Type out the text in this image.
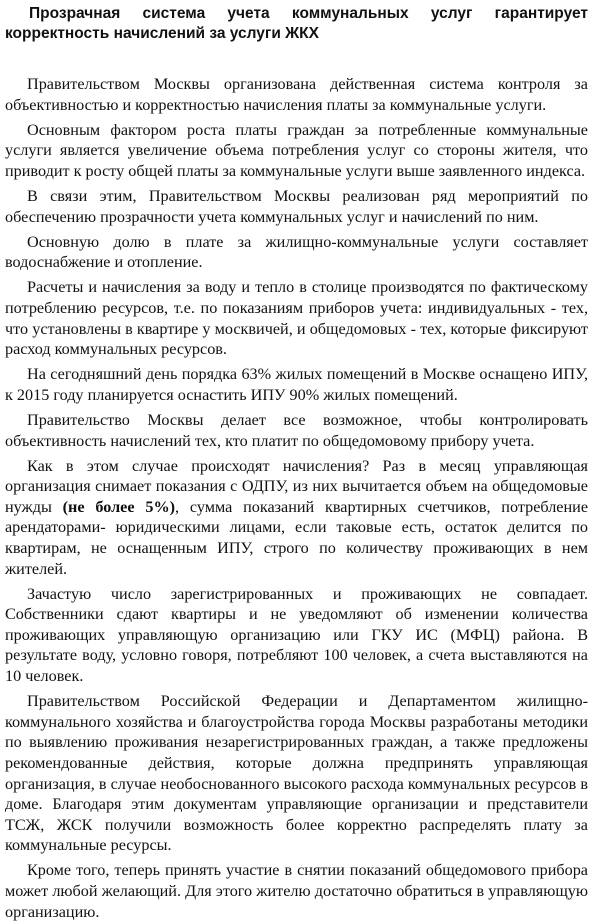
Прозрачная система учета коммунальных услуг гарантирует корректность начислений за услуги ЖКХ

Правительством Москвы организована действенная система контроля за объективностью и корректностью начисления платы за коммунальные услуги.

Основным фактором роста платы граждан за потребленные коммунальные услуги является увеличение объема потребления услуг со стороны жителя, что приводит к росту общей платы за коммунальные услуги выше заявленного индекса.

В связи этим, Правительством Москвы реализован ряд мероприятий по обеспечению прозрачности учета коммунальных услуг и начислений по ним.

Основную долю в плате за жилищно-коммунальные услуги составляет водоснабжение и отопление.

Расчеты и начисления за воду и тепло в столице производятся по фактическому потреблению ресурсов, т.е. по показаниям приборов учета: индивидуальных - тех, что установлены в квартире у москвичей, и общедомовых - тех, которые фиксируют расход коммунальных ресурсов.

На сегодняшний день порядка 63% жилых помещений в Москве оснащено ИПУ, к 2015 году планируется оснастить ИПУ 90% жилых помещений.

Правительство Москвы делает все возможное, чтобы контролировать объективность начислений тех, кто платит по общедомовому прибору учета.

Как в этом случае происходят начисления? Раз в месяц управляющая организация снимает показания с ОДПУ, из них вычитается объем на общедомовые нужды (не более 5%), сумма показаний квартирных счетчиков, потребление арендаторами- юридическими лицами, если таковые есть, остаток делится по квартирам, не оснащенным ИПУ, строго по количеству проживающих в нем жителей.

Зачастую число зарегистрированных и проживающих не совпадает. Собственники сдают квартиры и не уведомляют об изменении количества проживающих управляющую организацию или ГКУ ИС (МФЦ) района. В результате воду, условно говоря, потребляют 100 человек, а счета выставляются на 10 человек.

Правительством Российской Федерации и Департаментом жилищно-коммунального хозяйства и благоустройства города Москвы разработаны методики по выявлению проживания незарегистрированных граждан, а также предложены рекомендованные действия, которые должна предпринять управляющая организация, в случае необоснованного высокого расхода коммунальных ресурсов в доме. Благодаря этим документам управляющие организации и представители ТСЖ, ЖСК получили возможность более корректно распределять плату за коммунальные ресурсы.

Кроме того, теперь принять участие в снятии показаний общедомового прибора может любой желающий. Для этого жителю достаточно обратиться в управляющую организацию.
